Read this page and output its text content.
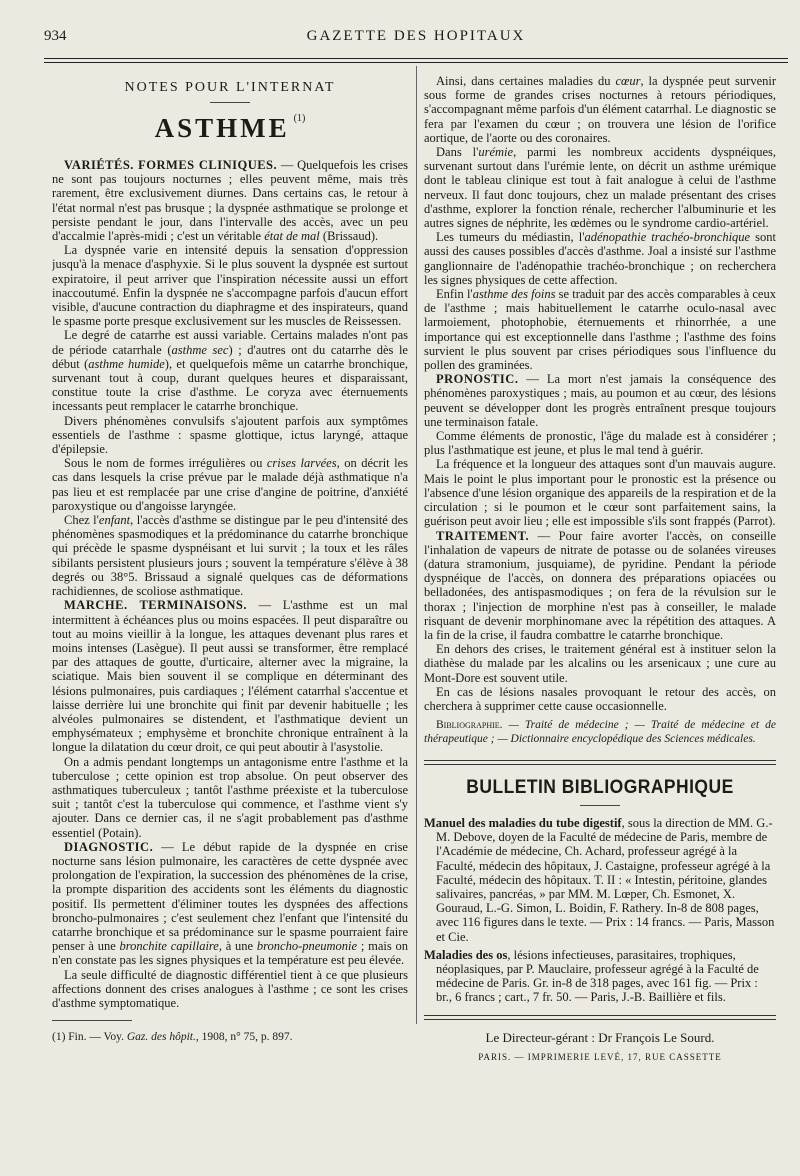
934	GAZETTE DES HOPITAUX
NOTES POUR L'INTERNAT
ASTHME $^{(1)}$

VARIÉTÉS. FORMES CLINIQUES. — Quelquefois les crises ne sont pas toujours nocturnes ; elles peuvent même, mais très rarement, être exclusivement diurnes. Dans certains cas, le retour à l'état normal n'est pas brusque ; la dyspnée asthmatique se prolonge et persiste pendant le jour, dans l'intervalle des accès, avec un peu d'accalmie l'après-midi ; c'est un véritable état de mal (Brissaud).

La dyspnée varie en intensité depuis la sensation d'oppression jusqu'à la menace d'asphyxie. Si le plus souvent la dyspnée est surtout expiratoire, il peut arriver que l'inspiration nécessite aussi un effort inaccoutumé. Enfin la dyspnée ne s'accompagne parfois d'aucun effort visible, d'aucune contraction du diaphragme et des inspirateurs, quand le spasme porte presque exclusivement sur les muscles de Reissessen.

Le degré de catarrhe est aussi variable. Certains malades n'ont pas de période catarrhale (asthme sec) ; d'autres ont du catarrhe dès le début (asthme humide), et quelquefois même un catarrhe bronchique, survenant tout à coup, durant quelques heures et disparaissant, constitue toute la crise d'asthme. Le coryza avec éternuements incessants peut remplacer le catarrhe bronchique.

Divers phénomènes convulsifs s'ajoutent parfois aux symptômes essentiels de l'asthme : spasme glottique, ictus laryngé, attaque d'épilepsie.

Sous le nom de formes irrégulières ou crises larvées, on décrit les cas dans lesquels la crise prévue par le malade déjà asthmatique n'a pas lieu et est remplacée par une crise d'angine de poitrine, d'anxiété paroxystique ou d'angoisse laryngée.

Chez l'enfant, l'accès d'asthme se distingue par le peu d'intensité des phénomènes spasmodiques et la prédominance du catarrhe bronchique qui précède le spasme dyspnéisant et lui survit ; la toux et les râles sibilants persistent plusieurs jours ; souvent la température s'élève à 38 degrés ou 38°5. Brissaud a signalé quelques cas de déformations rachidiennes, de scoliose asthmatique.

MARCHE. TERMINAISONS. — L'asthme est un mal intermittent à échéances plus ou moins espacées. Il peut disparaître ou tout au moins vieillir à la longue, les attaques devenant plus rares et moins intenses (Lasègue). Il peut aussi se transformer, être remplacé par des attaques de goutte, d'urticaire, alterner avec la migraine, la sciatique. Mais bien souvent il se complique en déterminant des lésions pulmonaires, puis cardiaques ; l'élément catarrhal s'accentue et laisse derrière lui une bronchite qui finit par devenir habituelle ; les alvéoles pulmonaires se distendent, et l'asthmatique devient un emphysémateux ; emphysème et bronchite chronique entraînent à la longue la dilatation du cœur droit, ce qui peut aboutir à l'asystolie.

On a admis pendant longtemps un antagonisme entre l'asthme et la tuberculose ; cette opinion est trop absolue. On peut observer des asthmatiques tuberculeux ; tantôt l'asthme préexiste et la tuberculose suit ; tantôt c'est la tuberculose qui commence, et l'asthme vient s'y ajouter. Dans ce dernier cas, il ne s'agit probablement pas d'asthme essentiel (Potain).

DIAGNOSTIC. — Le début rapide de la dyspnée en crise nocturne sans lésion pulmonaire, les caractères de cette dyspnée avec prolongation de l'expiration, la succession des phénomènes de la crise, la prompte disparition des accidents sont les éléments du diagnostic positif. Ils permettent d'éliminer toutes les dyspnées des affections broncho-pulmonaires ; c'est seulement chez l'enfant que l'intensité du catarrhe bronchique et sa prédominance sur le spasme pourraient faire penser à une bronchite capillaire, à une broncho-pneumonie ; mais on n'en constate pas les signes physiques et la température est peu élevée.

La seule difficulté de diagnostic différentiel tient à ce que plusieurs affections donnent des crises analogues à l'asthme ; ce sont les crises d'asthme symptomatique.

(1) Fin. — Voy. Gaz. des hôpit., 1908, n° 75, p. 897.

Ainsi, dans certaines maladies du cœur, la dyspnée peut survenir sous forme de grandes crises nocturnes à retours périodiques, s'accompagnant même parfois d'un élément catarrhal. Le diagnostic se fera par l'examen du cœur ; on trouvera une lésion de l'orifice aortique, de l'aorte ou des coronaires.

Dans l'urémie, parmi les nombreux accidents dyspnéiques, survenant surtout dans l'urémie lente, on décrit un asthme urémique dont le tableau clinique est tout à fait analogue à celui de l'asthme nerveux. Il faut donc toujours, chez un malade présentant des crises d'asthme, explorer la fonction rénale, rechercher l'albuminurie et les autres signes de néphrite, les œdèmes ou le syndrome cardio-artériel.

Les tumeurs du médiastin, l'adénopathie trachéo-bronchique sont aussi des causes possibles d'accès d'asthme. Joal a insisté sur l'asthme ganglionnaire de l'adénopathie trachéo-bronchique ; on recherchera les signes physiques de cette affection.

Enfin l'asthme des foins se traduit par des accès comparables à ceux de l'asthme ; mais habituellement le catarrhe oculo-nasal avec larmoiement, photophobie, éternuements et rhinorrhée, a une importance qui est exceptionnelle dans l'asthme ; l'asthme des foins survient le plus souvent par crises périodiques sous l'influence du pollen des graminées.

PRONOSTIC. — La mort n'est jamais la conséquence des phénomènes paroxystiques ; mais, au poumon et au cœur, des lésions peuvent se développer dont les progrès entraînent presque toujours une terminaison fatale.

Comme éléments de pronostic, l'âge du malade est à considérer ; plus l'asthmatique est jeune, et plus le mal tend à guérir.

La fréquence et la longueur des attaques sont d'un mauvais augure. Mais le point le plus important pour le pronostic est la présence ou l'absence d'une lésion organique des appareils de la respiration et de la circulation ; si le poumon et le cœur sont parfaitement sains, la guérison peut avoir lieu ; elle est impossible s'ils sont frappés (Parrot).

TRAITEMENT. — Pour faire avorter l'accès, on conseille l'inhalation de vapeurs de nitrate de potasse ou de solanées vireuses (datura stramonium, jusquiame), de pyridine. Pendant la période dyspnéique de l'accès, on donnera des préparations opiacées ou belladonées, des antispasmodiques ; on fera de la révulsion sur le thorax ; l'injection de morphine n'est pas à conseiller, le malade risquant de devenir morphinomane avec la répétition des attaques. A la fin de la crise, il faudra combattre le catarrhe bronchique.

En dehors des crises, le traitement général est à instituer selon la diathèse du malade par les alcalins ou les arsenicaux ; une cure au Mont-Dore est souvent utile.

En cas de lésions nasales provoquant le retour des accès, on cherchera à supprimer cette cause occasionnelle.

Bibliographie. — Traité de médecine ; — Traité de médecine et de thérapeutique ; — Dictionnaire encyclopédique des Sciences médicales.

BULLETIN BIBLIOGRAPHIQUE
Manuel des maladies du tube digestif, sous la direction de MM. G.-M. Debove, doyen de la Faculté de médecine de Paris, membre de l'Académie de médecine, Ch. Achard, professeur agrégé à la Faculté, médecin des hôpitaux, J. Castaigne, professeur agrégé à la Faculté, médecin des hôpitaux. T. II : « Intestin, péritoine, glandes salivaires, pancréas, » par MM. M. Lœper, Ch. Esmonet, X. Gouraud, L.-G. Simon, L. Boidin, F. Rathery. In-8 de 808 pages, avec 116 figures dans le texte. — Prix : 14 francs. — Paris, Masson et Cie.
Maladies des os, lésions infectieuses, parasitaires, trophiques, néoplasiques, par P. Mauclaire, professeur agrégé à la Faculté de médecine de Paris. Gr. in-8 de 318 pages, avec 161 fig. — Prix : br., 6 francs ; cart., 7 fr. 50. — Paris, J.-B. Baillière et fils.
Le Directeur-gérant : Dr François Le Sourd.
PARIS. — IMPRIMERIE LEVÉ, 17, RUE CASSETTE
